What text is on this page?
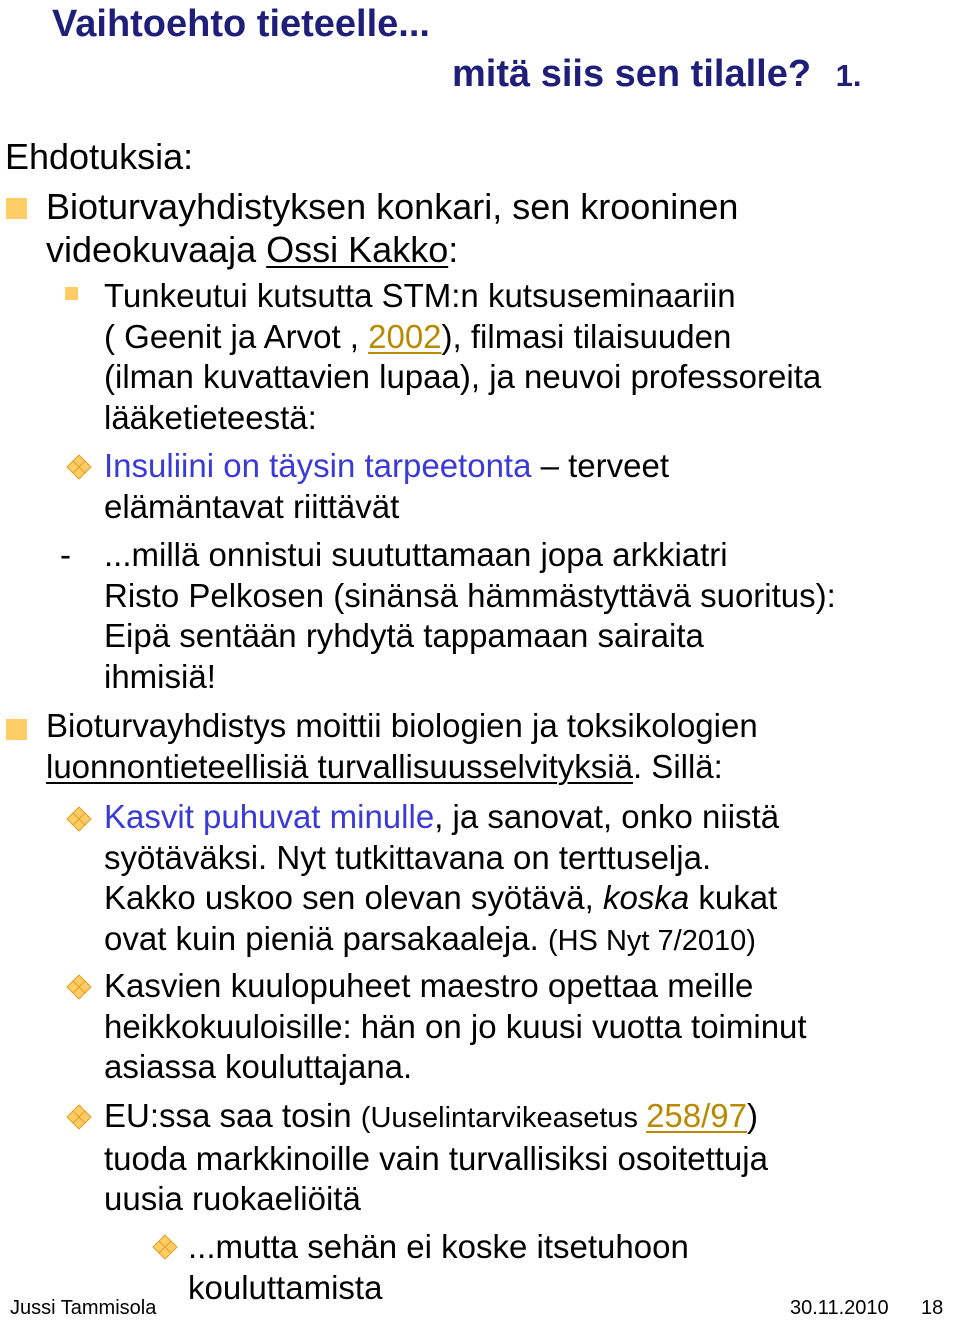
Vaihtoehto tieteelle...
mitä siis sen tilalle? 1.
Ehdotuksia:
Bioturvayhdistyksen konkari, sen krooninen
videokuvaaja Ossi Kakko:
Tunkeutui kutsutta STM:n kutsuseminaariin
( Geenit ja Arvot , 2002), filmasi tilaisuuden
(ilman kuvattavien lupaa), ja neuvoi professoreita
lääketieteestä:
Insuliini on täysin tarpeetonta – terveet
elämäntavat riittävät
- ...millä onnistui suututtamaan jopa arkkiatri
Risto Pelkosen (sinänsä hämmästyttävä suoritus):
Eipä sentään ryhdytä tappamaan sairaita
ihmisiä!
Bioturvayhdistys moittii biologien ja toksikologien
luonnontieteellisiä turvallisuusselvityksiä. Sillä:
Kasvit puhuvat minulle, ja sanovat, onko niistä
syötäväksi. Nyt tutkittavana on terttuselja.
Kakko uskoo sen olevan syötävä, koska kukat
ovat kuin pieniä parsakaaleja. (HS Nyt 7/2010)
Kasvien kuulopuheet maestro opettaa meille
heikkokuuloisille: hän on jo kuusi vuotta toiminut
asiassa kouluttajana.
EU:ssa saa tosin (Uuselintarvikeasetus 258/97)
tuoda markkinoille vain turvallisiksi osoitettuja
uusia ruokaeliöitä
...mutta sehän ei koske itsetuhoon
kouluttamista
Jussi Tammisola	30.11.2010 18
